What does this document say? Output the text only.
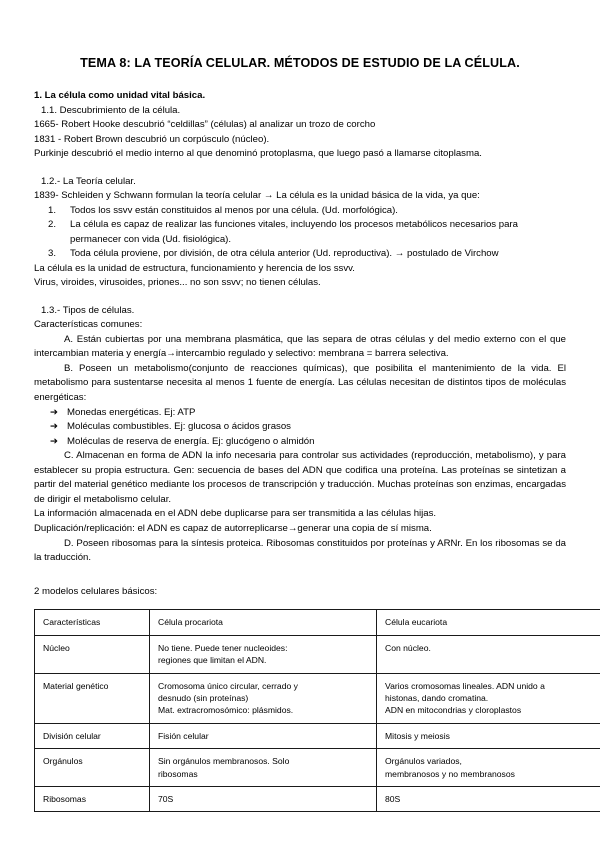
TEMA 8: LA TEORÍA CELULAR. MÉTODOS DE ESTUDIO DE LA CÉLULA.
1. La célula como unidad vital básica.
1.1. Descubrimiento de la célula.
1665- Robert Hooke descubrió “celdillas” (células) al analizar un trozo de corcho
1831 - Robert Brown descubrió un corpúsculo (núcleo).
Purkinje descubrió el medio interno al que denominó protoplasma, que luego pasó a llamarse citoplasma.
1.2.- La Teoría celular.
1839- Schleiden y Schwann formulan la teoría celular → La célula es la unidad básica de la vida, ya que:
1. Todos los ssvv están constituidos al menos por una célula. (Ud. morfológica).
2. La célula es capaz de realizar las funciones vitales, incluyendo los procesos metabólicos necesarios para permanecer con vida (Ud. fisiológica).
3. Toda célula proviene, por división, de otra célula anterior (Ud. reproductiva). → postulado de Virchow
La célula es la unidad de estructura, funcionamiento y herencia de los ssvv.
Virus, viroides, virusoides, priones... no son ssvv; no tienen células.
1.3.- Tipos de células.
Características comunes:

A. Están cubiertas por una membrana plasmática, que las separa de otras células y del medio externo con el que intercambian materia y energía→intercambio regulado y selectivo: membrana = barrera selectiva.

B. Poseen un metabolismo(conjunto de reacciones químicas), que posibilita el mantenimiento de la vida. El metabolismo para sustentarse necesita al menos 1 fuente de energía. Las células necesitan de distintos tipos de moléculas energéticas:

➔ Monedas energéticas. Ej: ATP
➔ Moléculas combustibles. Ej: glucosa o ácidos grasos
➔ Moléculas de reserva de energía. Ej: glucógeno o almidón

C. Almacenan en forma de ADN la info necesaria para controlar sus actividades (reproducción, metabolismo), y para establecer su propia estructura. Gen: secuencia de bases del ADN que codifica una proteína. Las proteínas se sintetizan a partir del material genético mediante los procesos de transcripción y traducción. Muchas proteínas son enzimas, encargadas de dirigir el metabolismo celular.

La información almacenada en el ADN debe duplicarse para ser transmitida a las células hijas.

Duplicación/replicación: el ADN es capaz de autorreplicarse→generar una copia de sí misma.

D. Poseen ribosomas para la síntesis proteica. Ribosomas constituidos por proteínas y ARNr. En los ribosomas se da la traducción.

2 modelos celulares básicos:
Características	Célula procariota	Célula eucariota
Núcleo	No tiene. Puede tener nucleoides:
regiones que limitan el ADN.	Con núcleo.

Material genético	Cromosoma único circular, cerrado y
desnudo (sin proteínas)
Mat. extracromosómico: plásmidos.	Varios cromosomas lineales. ADN unido a
histonas, dando cromatina.
ADN en mitocondrias y cloroplastos

División celular	Fisión celular	Mitosis y meiosis

Orgánulos	Sin orgánulos membranosos. Solo
ribosomas	Orgánulos variados,
membranosos y no membranosos

Ribosomas	70S	80S
